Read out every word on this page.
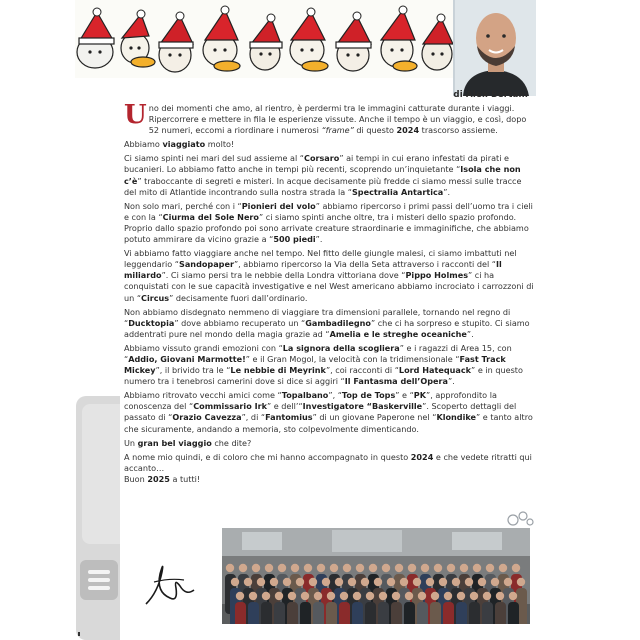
di Alex Bertani

Uno dei momenti che amo, al rientro, è perdermi tra le immagini catturate durante i viaggi. Ripercorrere e mettere in fila le esperienze vissute. Anche il tempo è un viaggio, e così, dopo 52 numeri, eccomi a riordinare i numerosi “frame” di questo 2024 trascorso assieme.

Abbiamo viaggiato molto!

Ci siamo spinti nei mari del sud assieme al “Corsaro” ai tempi in cui erano infestati da pirati e bucanieri. Lo abbiamo fatto anche in tempi più recenti, scoprendo un’inquietante “Isola che non c’è” traboccante di segreti e misteri. In acque decisamente più fredde ci siamo messi sulle tracce del mito di Atlantide incontrando sulla nostra strada la “Spectralia Antartica”.

Non solo mari, perché con i “Pionieri del volo” abbiamo ripercorso i primi passi dell’uomo tra i cieli e con la “Ciurma del Sole Nero” ci siamo spinti anche oltre, tra i misteri dello spazio profondo. Proprio dallo spazio profondo poi sono arrivate creature straordinarie e immaginifiche, che abbiamo potuto ammirare da vicino grazie a “500 piedi”.

Vi abbiamo fatto viaggiare anche nel tempo. Nel fitto delle giungle malesi, ci siamo imbattuti nel leggendario “Sandopaper”, abbiamo ripercorso la Via della Seta attraverso i racconti del “Il miliardo”. Ci siamo persi tra le nebbie della Londra vittoriana dove “Pippo Holmes” ci ha conquistati con le sue capacità investigative e nel West americano abbiamo incrociato i carrozzoni di un “Circus” decisamente fuori dall’ordinario.

Non abbiamo disdegnato nemmeno di viaggiare tra dimensioni parallele, tornando nel regno di “Ducktopia” dove abbiamo recuperato un “Gambadilegno” che ci ha sorpreso e stupito. Ci siamo addentrati pure nel mondo della magia grazie ad “Amelia e le streghe oceaniche”.

Abbiamo vissuto grandi emozioni con “La signora della scogliera” e i ragazzi di Area 15, con “Addio, Giovani Marmotte!” e il Gran Mogol, la velocità con la tridimensionale “Fast Track Mickey”, il brivido tra le “Le nebbie di Meyrink”, coi racconti di “Lord Hatequack” e in questo numero tra i tenebrosi camerini dove si dice si aggiri “Il Fantasma dell’Opera”.

Abbiamo ritrovato vecchi amici come “Topalbano”, “Top de Tops” e “PK”, approfondito la conoscenza del “Commissario Irk” e dell’“Investigatore “Baskerville”. Scoperto dettagli del passato di “Orazio Cavezza”, di “Fantomius” di un giovane Paperone nel “Klondike” e tanto altro che sicuramente, andando a memoria, sto colpevolmente dimenticando.

Un gran bel viaggio che dite?

A nome mio quindi, e di coloro che mi hanno accompagnato in questo 2024 e che vedete ritratti qui accanto…
Buon 2025 a tutti!
